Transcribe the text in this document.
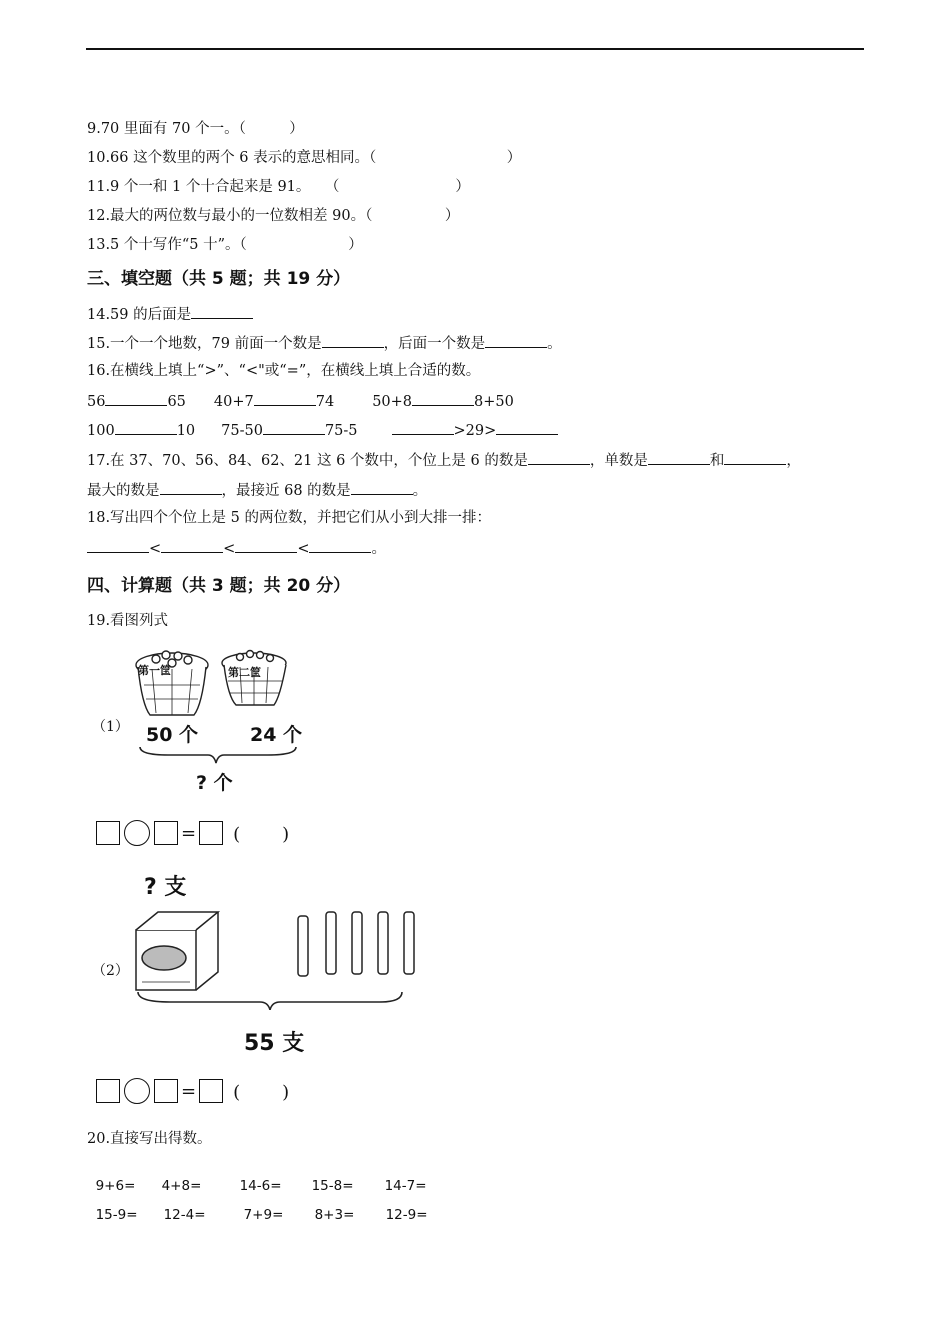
9.70 里面有 70 个一。（　　　）
10.66 这个数里的两个 6 表示的意思相同。（　　　　　　　　　）
11.9 个一和 1 个十合起来是 91。　　（　　　　　　　　）
12.最大的两位数与最小的一位数相差 90。（　　　　　）
13.5 个十写作“5 十”。（　　　　　　　）
三、填空题（共 5 题；共 19 分）
14.59 的后面是
15.一个一个地数，79 前面一个数是	，后面一个数是	。
16.在横线上填上“>”、“<"或“=”，在横线上填上合适的数。
56	65 40+7	74	50+8	8+50
100	10 75-50	75-5	>29>
17.在 37、70、56、84、62、21 这 6 个数中，个位上是 6 的数是	，单数是	和	，
最大的数是	，最接近 68 的数是	。
18.写出四个个位上是 5 的两位数，并把它们从小到大排一排：
<	<	<	。
四、计算题（共 3 题；共 20 分）
19.看图列式
（1）
第一筐	第二筐
50 个	24 个
? 个
= (　　)
? 支
（2）
55 支
= (　　)
20.直接写出得数。

9+6= 4+8=	14-6= 15-8= 14-7=

15-9= 12-4=	7+9= 8+3= 12-9=
